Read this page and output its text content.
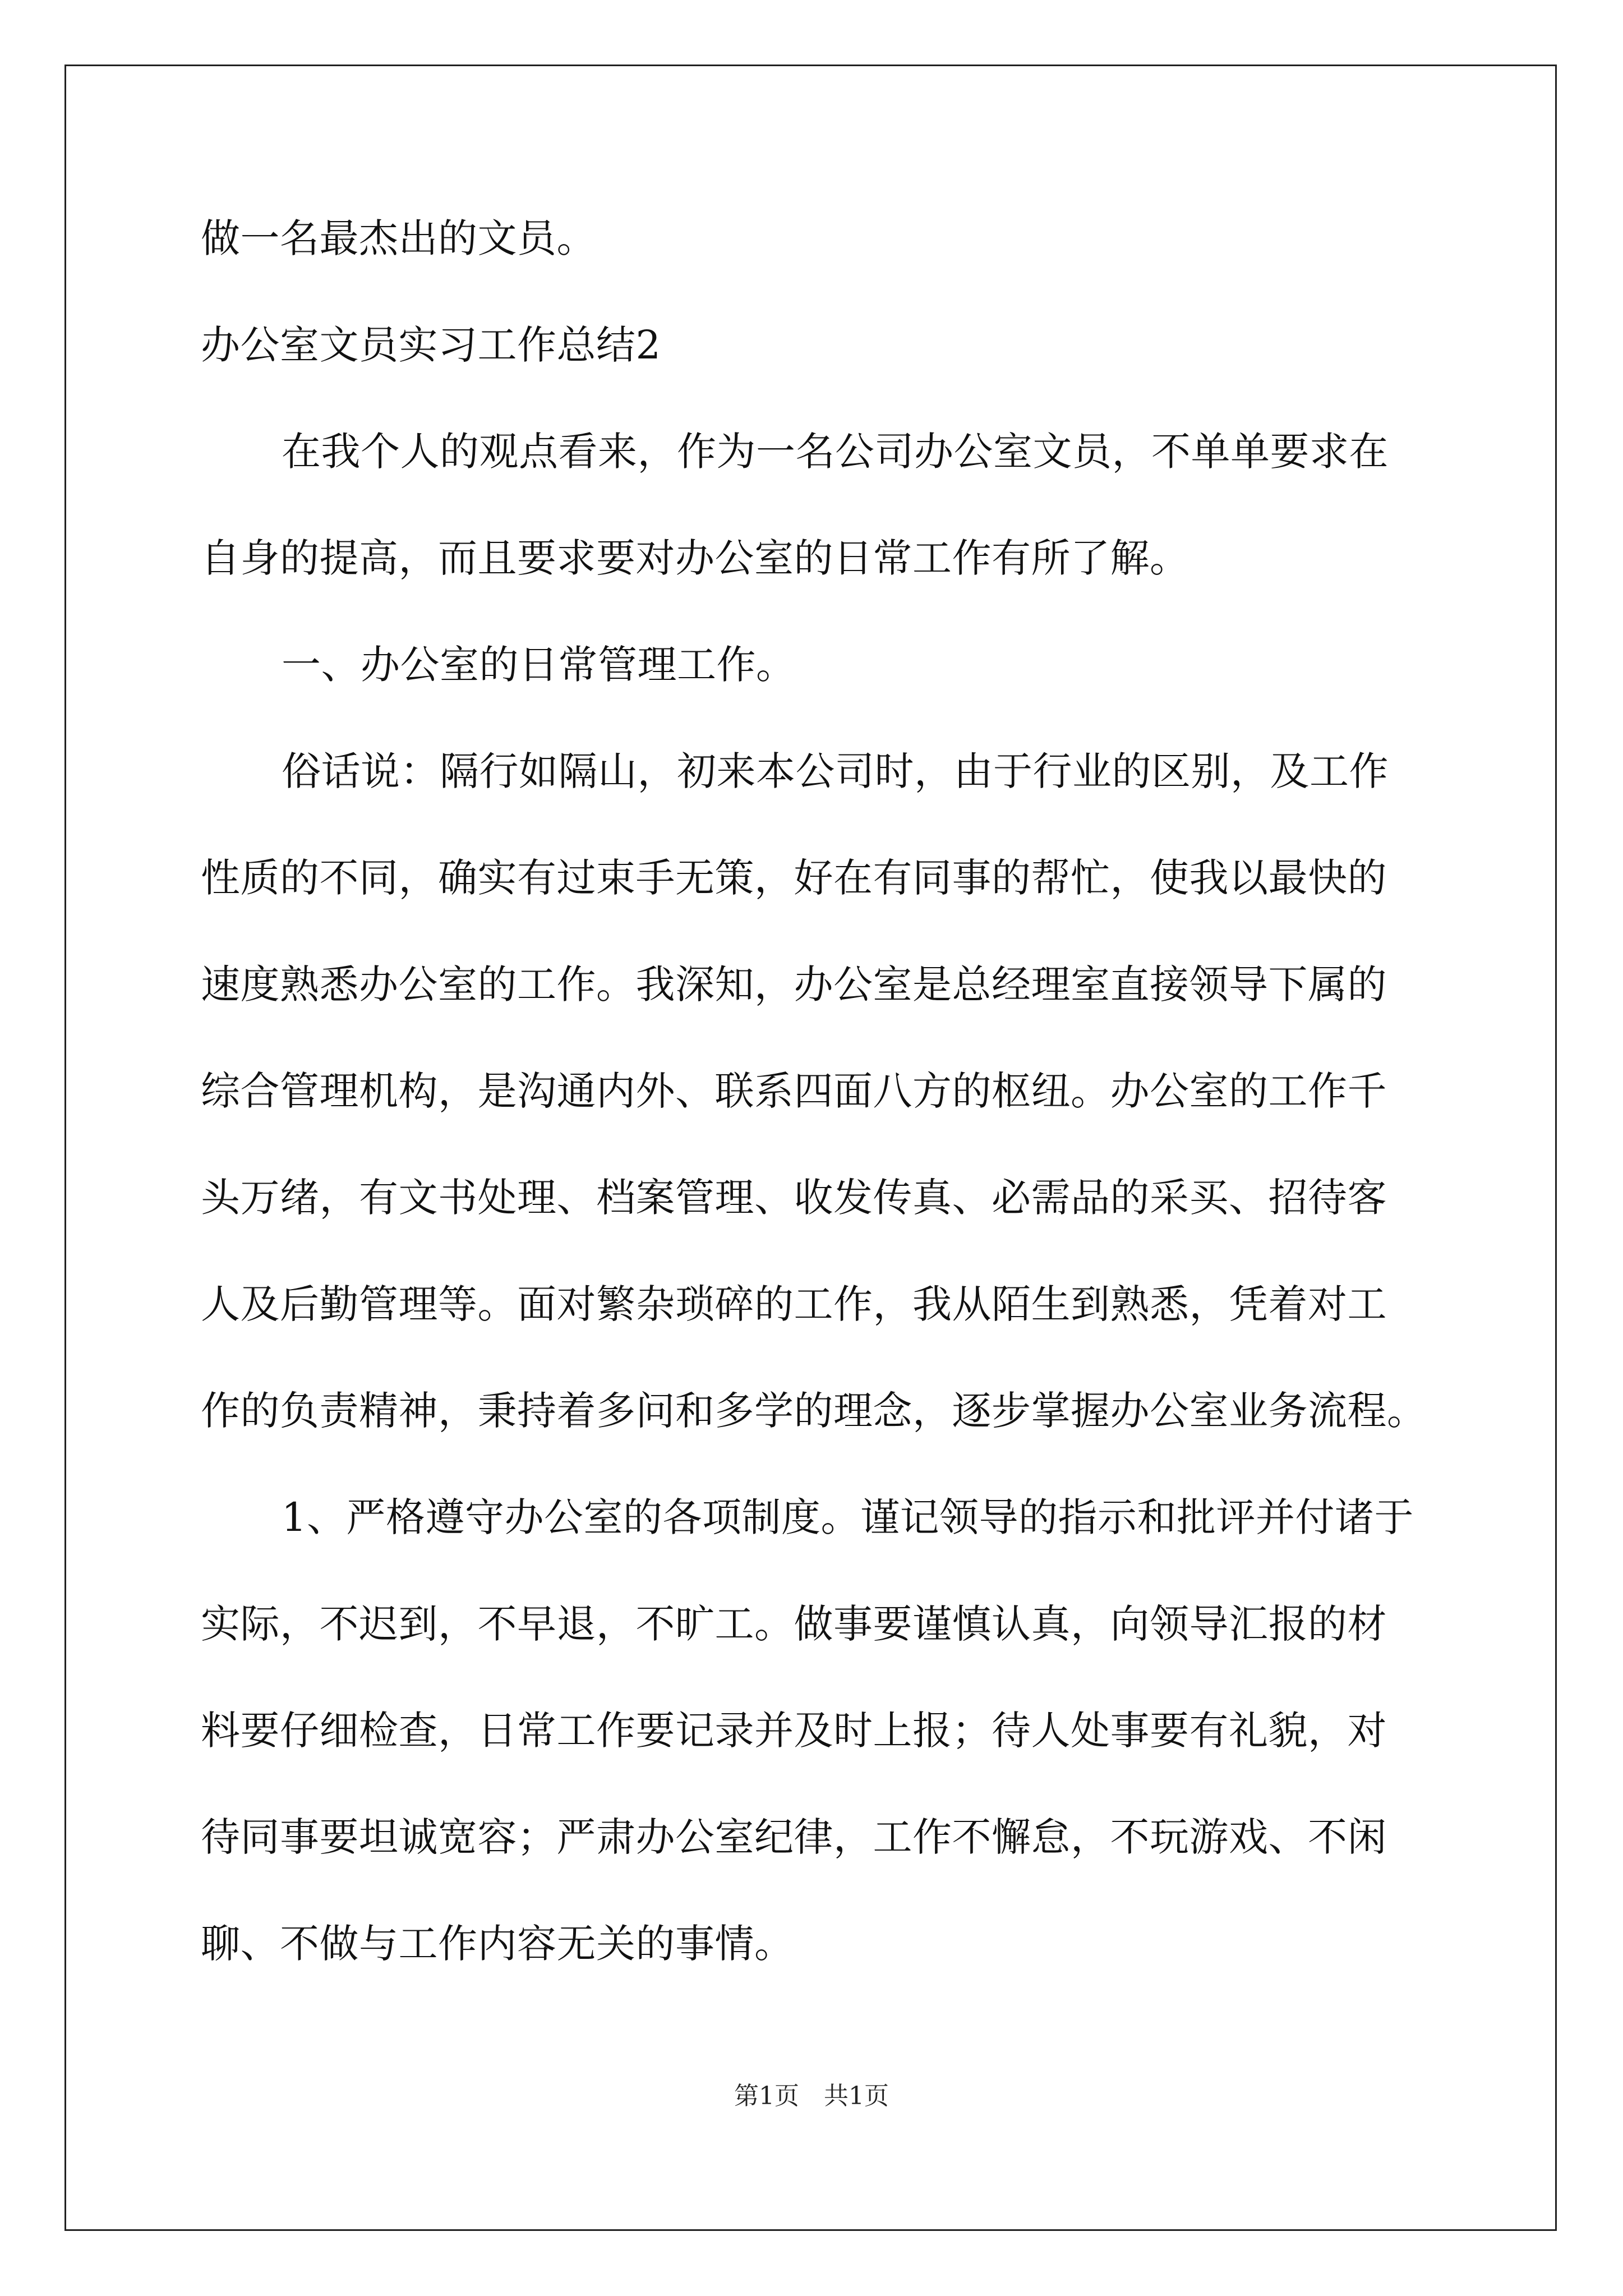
做一名最杰出的文员。
办公室文员实习工作总结2
在我个人的观点看来，作为一名公司办公室文员，不单单要求在
自身的提高，而且要求要对办公室的日常工作有所了解。
一、办公室的日常管理工作。
俗话说：隔行如隔山，初来本公司时，由于行业的区别，及工作
性质的不同，确实有过束手无策，好在有同事的帮忙，使我以最快的
速度熟悉办公室的工作。我深知，办公室是总经理室直接领导下属的
综合管理机构，是沟通内外、联系四面八方的枢纽。办公室的工作千
头万绪，有文书处理、档案管理、收发传真、必需品的采买、招待客
人及后勤管理等。面对繁杂琐碎的工作，我从陌生到熟悉，凭着对工
作的负责精神，秉持着多问和多学的理念，逐步掌握办公室业务流程。
1、严格遵守办公室的各项制度。谨记领导的指示和批评并付诸于
实际，不迟到，不早退，不旷工。做事要谨慎认真，向领导汇报的材
料要仔细检查，日常工作要记录并及时上报；待人处事要有礼貌，对
待同事要坦诚宽容；严肃办公室纪律，工作不懈怠，不玩游戏、不闲
聊、不做与工作内容无关的事情。
第1页　共1页
